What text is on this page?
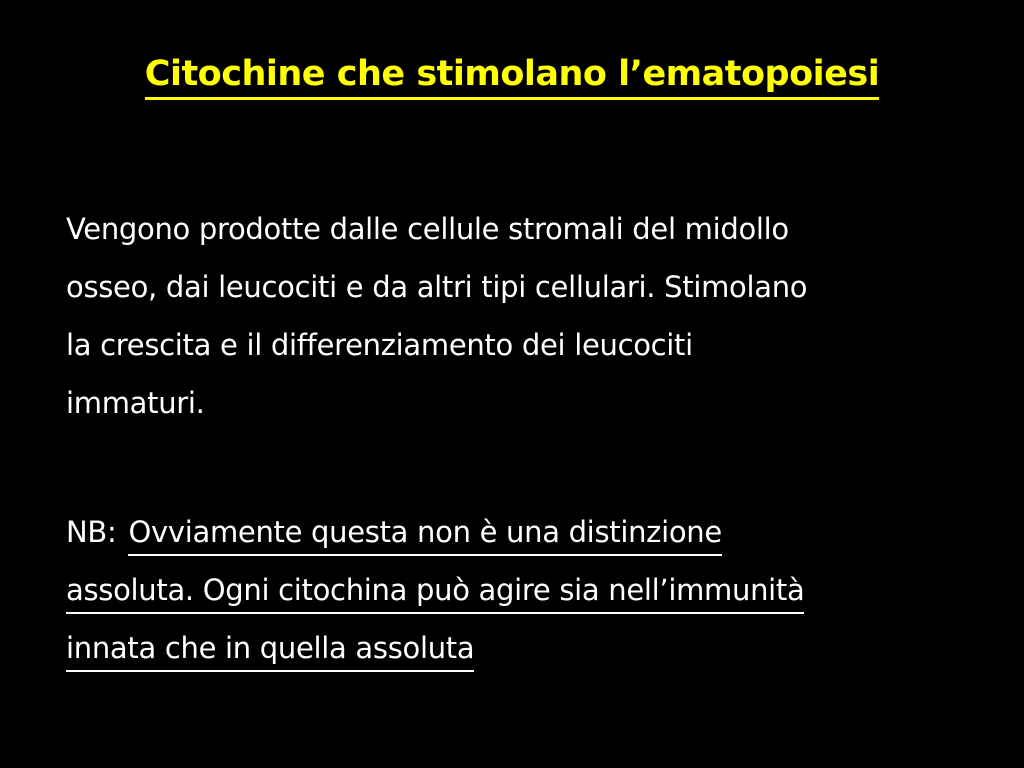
Citochine che stimolano l’ematopoiesi
Vengono prodotte dalle cellule stromali del midollo
osseo, dai leucociti e da altri tipi cellulari. Stimolano
la crescita e il differenziamento dei leucociti
immaturi.
NB: Ovviamente questa non è una distinzione
assoluta. Ogni citochina può agire sia nell’immunità
innata che in quella assoluta
